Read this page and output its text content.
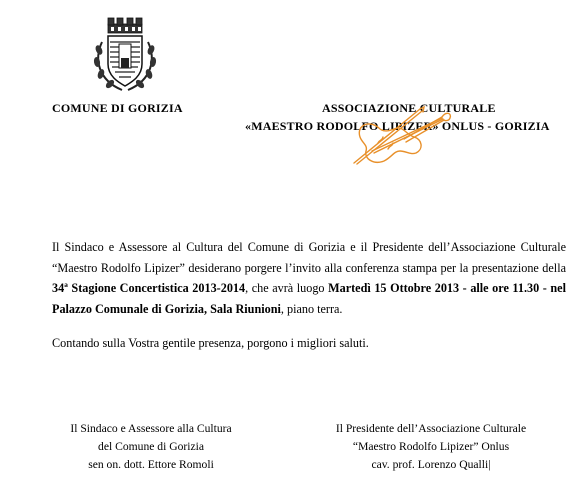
COMUNE DI GORIZIA	ASSOCIAZIONE CULTURALE
«MAESTRO RODOLFO LIPIZER» ONLUS - GORIZIA

Il Sindaco e Assessore al Cultura del Comune di Gorizia e il Presidente dell’Associazione Culturale “Maestro Rodolfo Lipizer” desiderano porgere l’invito alla conferenza stampa per la presentazione della 34ª Stagione Concertistica 2013-2014, che avrà luogo Martedì 15 Ottobre 2013 - alle ore 11.30 - nel Palazzo Comunale di Gorizia, Sala Riunioni, piano terra.

Contando sulla Vostra gentile presenza, porgono i migliori saluti.

Il Sindaco e Assessore alla Cultura
del Comune di Gorizia
sen on. dott. Ettore Romoli
Il Presidente dell’Associazione Culturale
“Maestro Rodolfo Lipizer” Onlus
cav. prof. Lorenzo Qualli|
